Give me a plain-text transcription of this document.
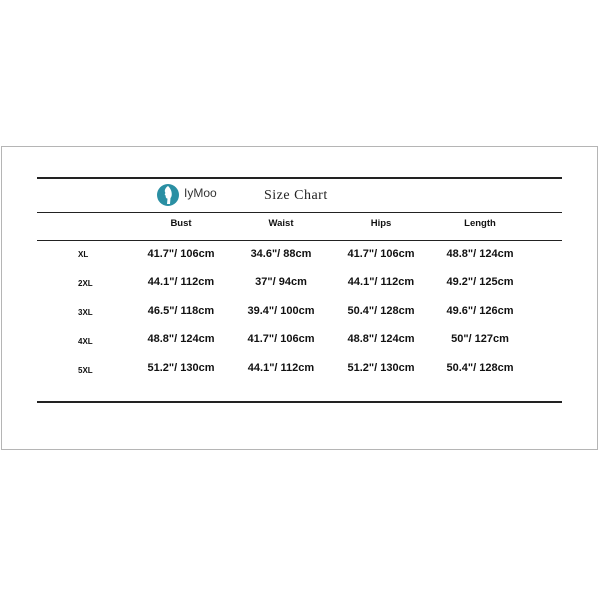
IyMoo	Size Chart
Bust	Waist	Hips	Length
XL	41.7"/ 106cm	34.6"/ 88cm	41.7"/ 106cm	48.8"/ 124cm
2XL	44.1"/ 112cm	37"/ 94cm	44.1"/ 112cm	49.2"/ 125cm
3XL	46.5"/ 118cm	39.4"/ 100cm	50.4"/ 128cm	49.6"/ 126cm
4XL	48.8"/ 124cm	41.7"/ 106cm	48.8"/ 124cm	50"/ 127cm
5XL	51.2"/ 130cm	44.1"/ 112cm	51.2"/ 130cm	50.4"/ 128cm
